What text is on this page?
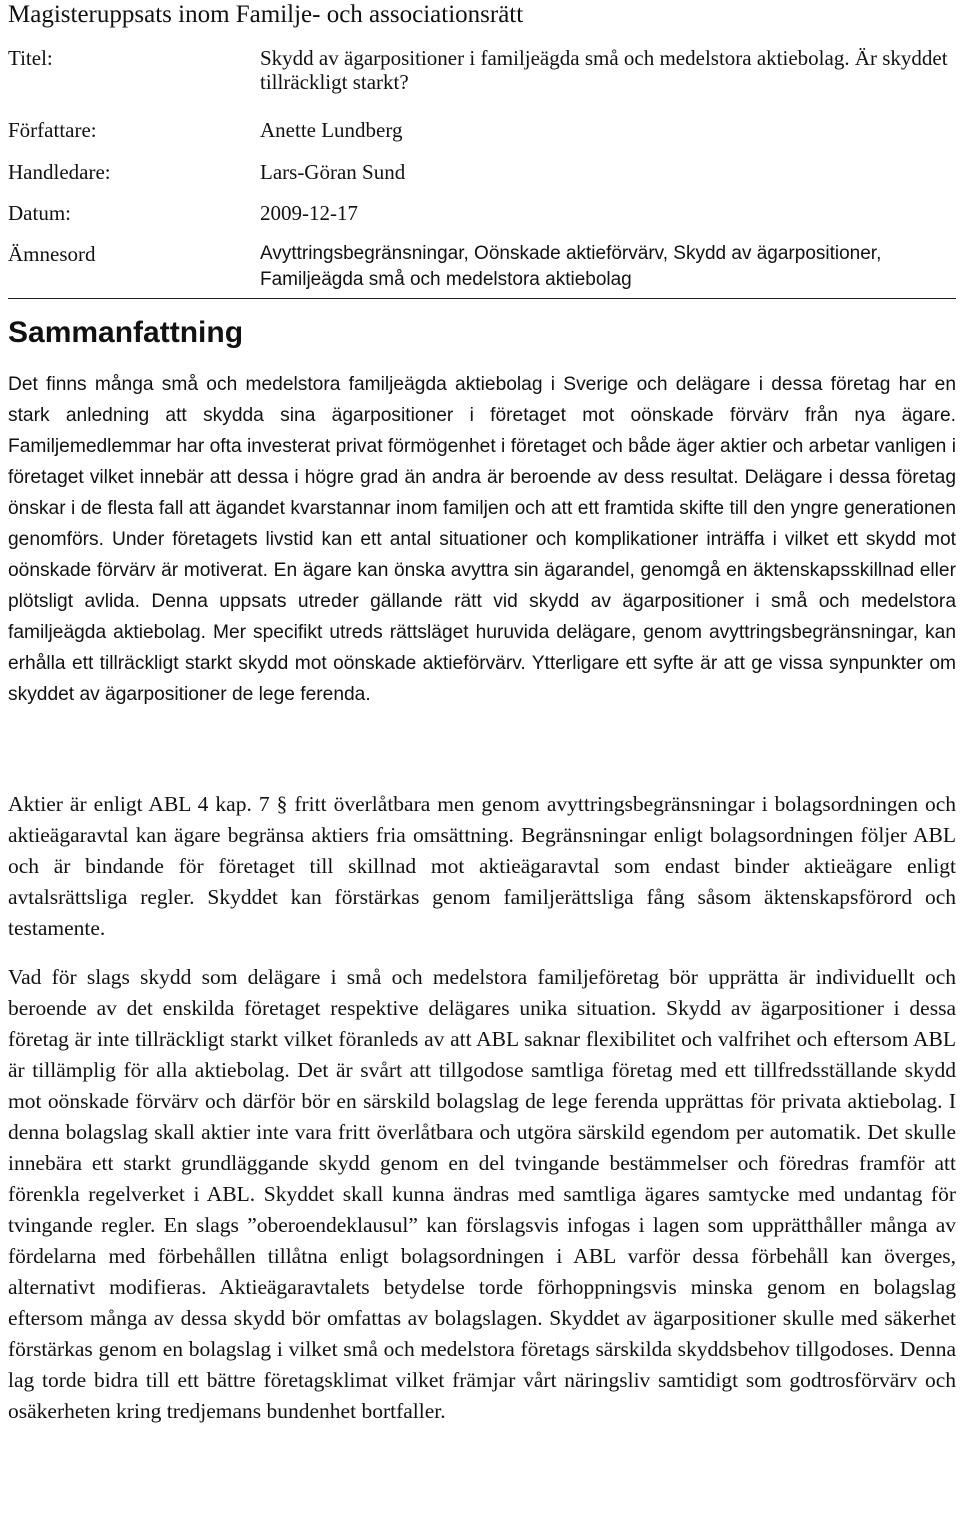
Magisteruppsats inom Familje- och associationsrätt
Titel:	Skydd av ägarpositioner i familjeägda små och medelstora aktiebolag. Är skyddet tillräckligt starkt?
Författare:	Anette Lundberg
Handledare:	Lars-Göran Sund
Datum:	2009-12-17
Ämnesord	Avyttringsbegränsningar, Oönskade aktieförvärv, Skydd av ägarpositioner, Familjeägda små och medelstora aktiebolag
Sammanfattning

Det finns många små och medelstora familjeägda aktiebolag i Sverige och delägare i dessa företag har en stark anledning att skydda sina ägarpositioner i företaget mot oönskade förvärv från nya ägare. Familjemedlemmar har ofta investerat privat förmögenhet i företaget och både äger aktier och arbetar vanligen i företaget vilket innebär att dessa i högre grad än andra är beroende av dess resultat. Delägare i dessa företag önskar i de flesta fall att ägandet kvarstannar inom familjen och att ett framtida skifte till den yngre generationen genomförs. Under företagets livstid kan ett antal situationer och komplikationer inträffa i vilket ett skydd mot oönskade förvärv är motiverat. En ägare kan önska avyttra sin ägarandel, genomgå en äktenskapsskillnad eller plötsligt avlida. Denna uppsats utreder gällande rätt vid skydd av ägarpositioner i små och medelstora familjeägda aktiebolag. Mer specifikt utreds rättsläget huruvida delägare, genom avyttringsbegränsningar, kan erhålla ett tillräckligt starkt skydd mot oönskade aktieförvärv. Ytterligare ett syfte är att ge vissa synpunkter om skyddet av ägarpositioner de lege ferenda.

Aktier är enligt ABL 4 kap. 7 § fritt överlåtbara men genom avyttringsbegränsningar i bolagsordningen och aktieägaravtal kan ägare begränsa aktiers fria omsättning. Begränsningar enligt bolagsordningen följer ABL och är bindande för företaget till skillnad mot aktieägaravtal som endast binder aktieägare enligt avtalsrättsliga regler. Skyddet kan förstärkas genom familjerättsliga fång såsom äktenskapsförord och testamente.

Vad för slags skydd som delägare i små och medelstora familjeföretag bör upprätta är individuellt och beroende av det enskilda företaget respektive delägares unika situation. Skydd av ägarpositioner i dessa företag är inte tillräckligt starkt vilket föranleds av att ABL saknar flexibilitet och valfrihet och eftersom ABL är tillämplig för alla aktiebolag. Det är svårt att tillgodose samtliga företag med ett tillfredsställande skydd mot oönskade förvärv och därför bör en särskild bolagslag de lege ferenda upprättas för privata aktiebolag. I denna bolagslag skall aktier inte vara fritt överlåtbara och utgöra särskild egendom per automatik. Det skulle innebära ett starkt grundläggande skydd genom en del tvingande bestämmelser och föredras framför att förenkla regelverket i ABL. Skyddet skall kunna ändras med samtliga ägares samtycke med undantag för tvingande regler. En slags ”oberoendeklausul” kan förslagsvis infogas i lagen som upprätthåller många av fördelarna med förbehållen tillåtna enligt bolagsordningen i ABL varför dessa förbehåll kan överges, alternativt modifieras. Aktieägaravtalets betydelse torde förhoppningsvis minska genom en bolagslag eftersom många av dessa skydd bör omfattas av bolagslagen. Skyddet av ägarpositioner skulle med säkerhet förstärkas genom en bolagslag i vilket små och medelstora företags särskilda skyddsbehov tillgodoses. Denna lag torde bidra till ett bättre företagsklimat vilket främjar vårt näringsliv samtidigt som godtrosförvärv och osäkerheten kring tredjemans bundenhet bortfaller.
